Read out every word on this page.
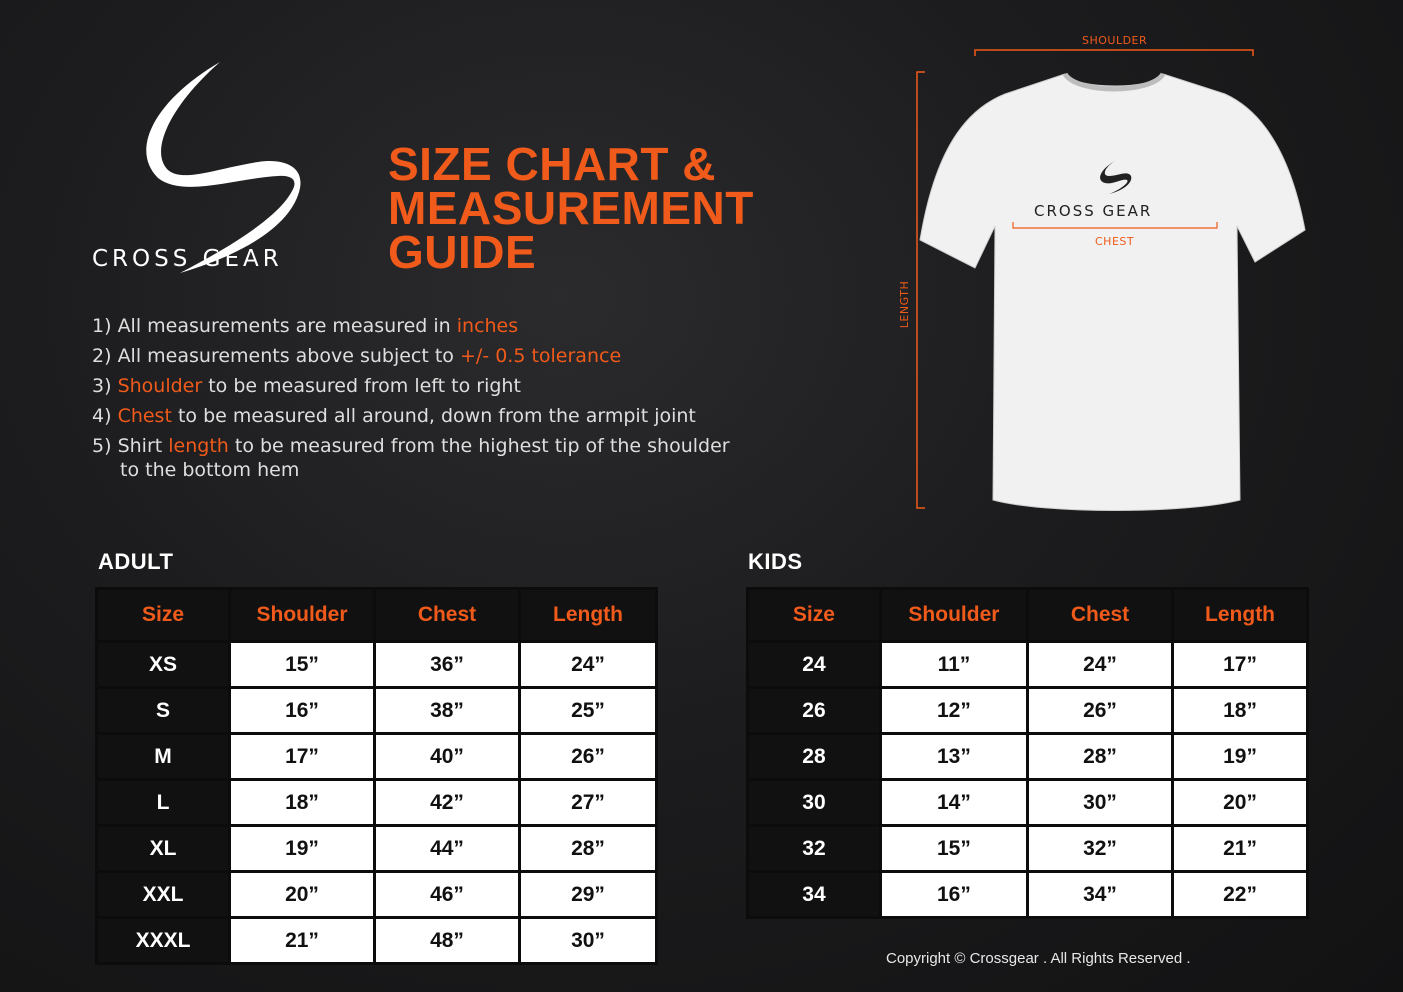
CROSS GEAR
SIZE CHART &
MEASUREMENT
GUIDE
1) All measurements are measured in inches
2) All measurements above subject to +/- 0.5 tolerance
3) Shoulder to be measured from left to right
4) Chest to be measured all around, down from the armpit joint
5) Shirt length to be measured from the highest tip of the shoulder
to the bottom hem
SHOULDER
LENGTH
CHEST
CROSS GEAR
ADULT
Size	Shoulder	Chest	Length
XS	15”	36”	24”
S	16”	38”	25”
M	17”	40”	26”
L	18”	42”	27”
XL	19”	44”	28”
XXL	20”	46”	29”
XXXL	21”	48”	30”
KIDS
Size	Shoulder	Chest	Length
24	11”	24”	17”
26	12”	26”	18”
28	13”	28”	19”
30	14”	30”	20”
32	15”	32”	21”
34	16”	34”	22”
Copyright © Crossgear . All Rights Reserved .
